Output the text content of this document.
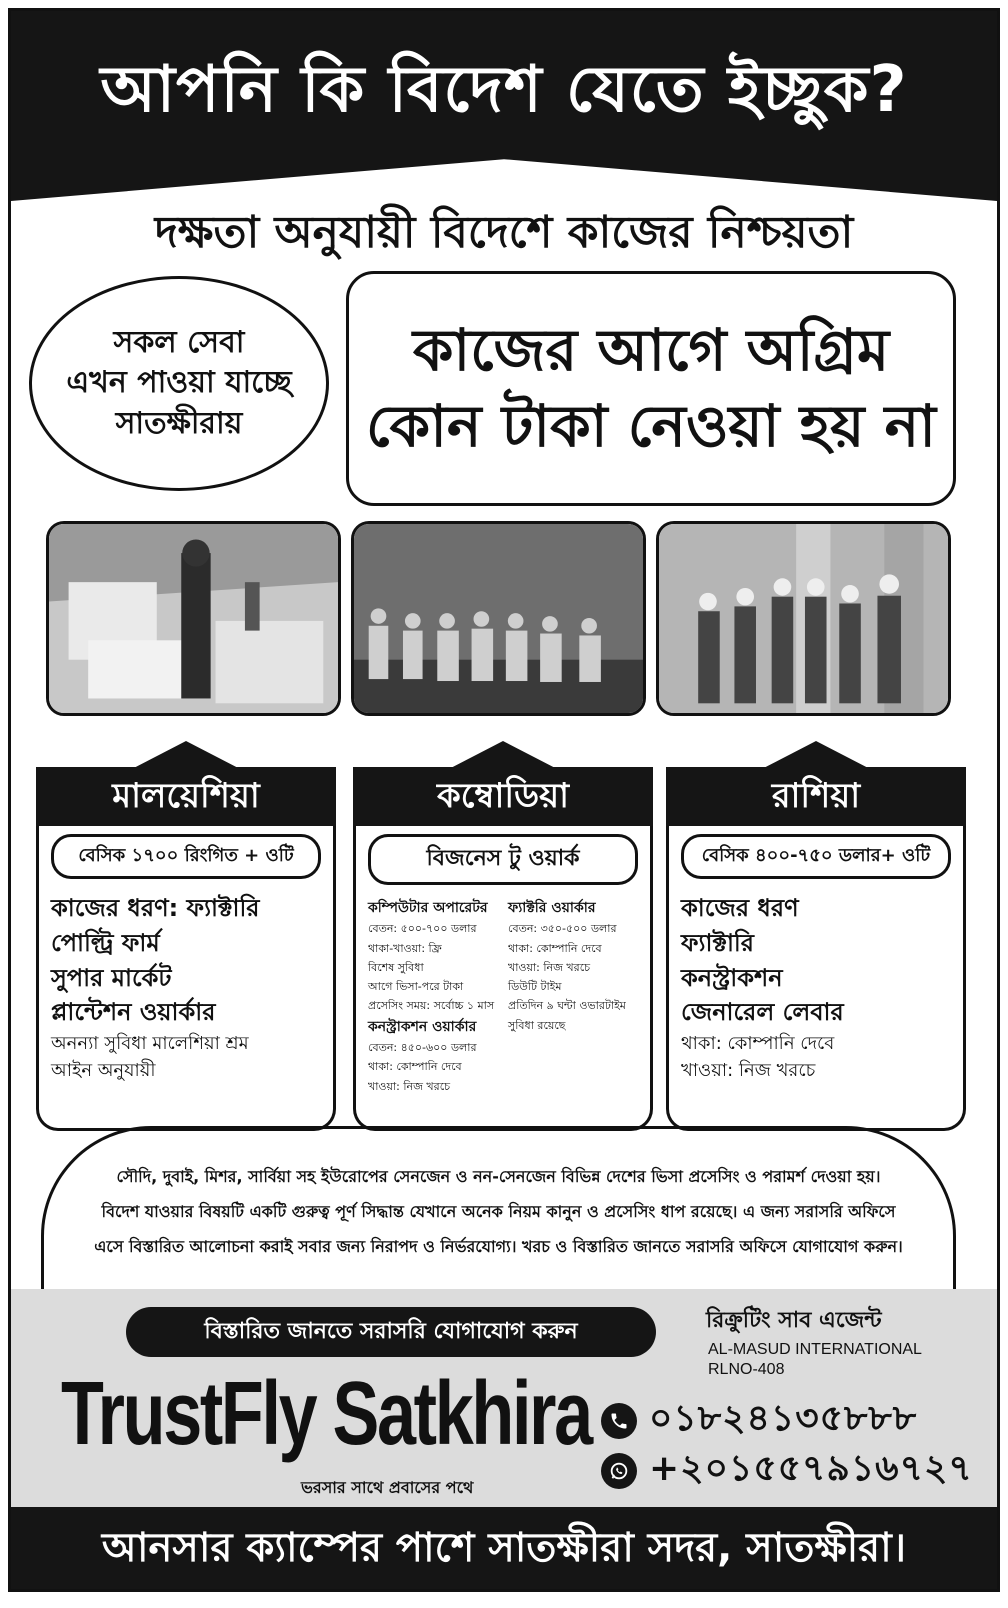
আপনি কি বিদেশ যেতে ইচ্ছুক?
দক্ষতা অনুযায়ী বিদেশে কাজের নিশ্চয়তা
সকল সেবা
এখন পাওয়া যাচ্ছে
সাতক্ষীরায়
কাজের আগে অগ্রিম
কোন টাকা নেওয়া হয় না
মালয়েশিয়া
বেসিক ১৭০০ রিংগিত + ওটি
কাজের ধরণ: ফ্যাক্টারি
পোল্ট্রি ফার্ম
সুপার মার্কেট
প্লান্টেশন ওয়ার্কার
অনন্যা সুবিধা মালেশিয়া শ্রম
আইন অনুযায়ী
কম্বোডিয়া
বিজনেস টু ওয়ার্ক
কম্পিউটার অপারেটর
বেতন: ৫০০-৭০০ ডলার
থাকা-খাওয়া: ফ্রি
বিশেষ সুবিধা
আগে ভিসা-পরে টাকা
প্রসেসিং সময়: সর্বোচ্চ ১ মাস
কনস্ট্রাকশন ওয়ার্কার
বেতন: ৪৫০-৬০০ ডলার
থাকা: কোম্পানি দেবে
খাওয়া: নিজ খরচে
ফ্যাক্টরি ওয়ার্কার
বেতন: ৩৫০-৫০০ ডলার
থাকা: কোম্পানি দেবে
খাওয়া: নিজ খরচে
ডিউটি টাইম
প্রতিদিন ৯ ঘন্টা ওভারটাইম
সুবিধা রয়েছে
রাশিয়া
বেসিক ৪০০-৭৫০ ডলার+ ওটি
কাজের ধরণ
ফ্যাক্টারি
কনস্ট্রাকশন
জেনারেল লেবার
থাকা: কোম্পানি দেবে
খাওয়া: নিজ খরচে

সৌদি, দুবাই, মিশর, সার্বিয়া সহ ইউরোপের সেনজেন ও নন-সেনজেন বিভিন্ন দেশের ভিসা প্রসেসিং ও পরামর্শ দেওয়া হয়।

বিদেশ যাওয়ার বিষয়টি একটি গুরুত্ব পূর্ণ সিদ্ধান্ত যেখানে অনেক নিয়ম কানুন ও প্রসেসিং ধাপ রয়েছে। এ জন্য সরাসরি অফিসে

এসে বিস্তারিত আলোচনা করাই সবার জন্য নিরাপদ ও নির্ভরযোগ্য। খরচ ও বিস্তারিত জানতে সরাসরি অফিসে যোগাযোগ করুন।

বিস্তারিত জানতে সরাসরি যোগাযোগ করুন	রিক্রুটিং সাব এজেন্ট
AL-MASUD INTERNATIONAL
RLNO-408
TrustFly Satkhira
ভরসার সাথে প্রবাসের পথে
০১৮২৪১৩৫৮৮৮
+২০১৫৫৭৯১৬৭২৭
আনসার ক্যাম্পের পাশে সাতক্ষীরা সদর, সাতক্ষীরা।
